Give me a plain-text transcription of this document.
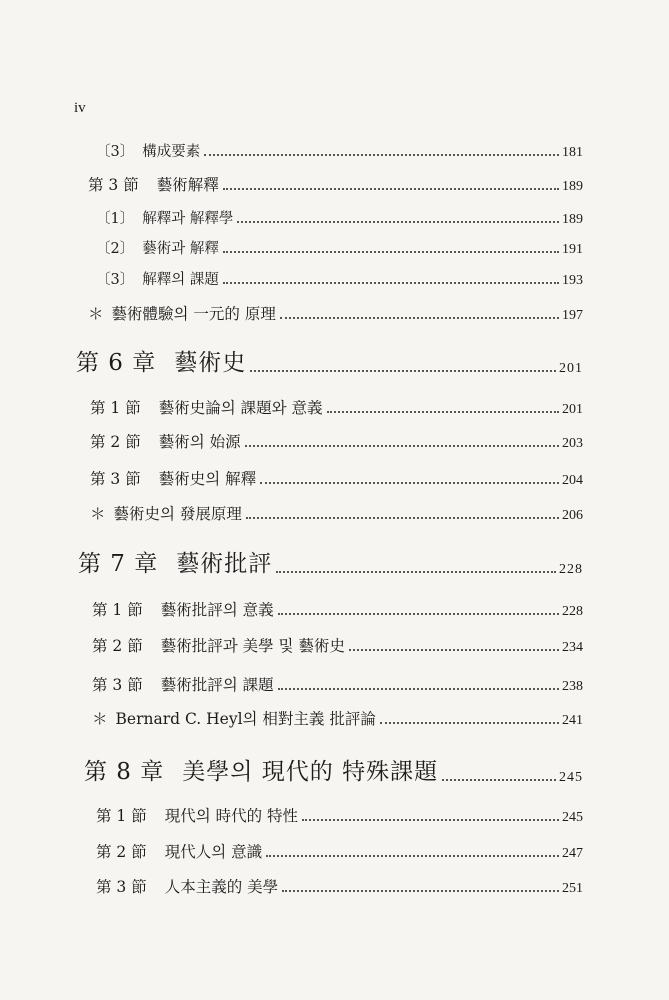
iv
〔3〕 構成要素	181
第 3 節 藝術解釋	189
〔1〕 解釋과 解釋學	189
〔2〕 藝術과 解釋	191
〔3〕 解釋의 課題	193
＊ 藝術體驗의 一元的 原理	197
第 6 章 藝術史	201
第 1 節 藝術史論의 課題와 意義	201
第 2 節 藝術의 始源	203
第 3 節 藝術史의 解釋	204
＊ 藝術史의 發展原理	206
第 7 章 藝術批評	228
第 1 節 藝術批評의 意義	228
第 2 節 藝術批評과 美學 및 藝術史	234
第 3 節 藝術批評의 課題	238
＊ Bernard C. Heyl의 相對主義 批評論	241
第 8 章 美學의 現代的 特殊課題	245
第 1 節 現代의 時代的 特性	245
第 2 節 現代人의 意識	247
第 3 節 人本主義的 美學	251
